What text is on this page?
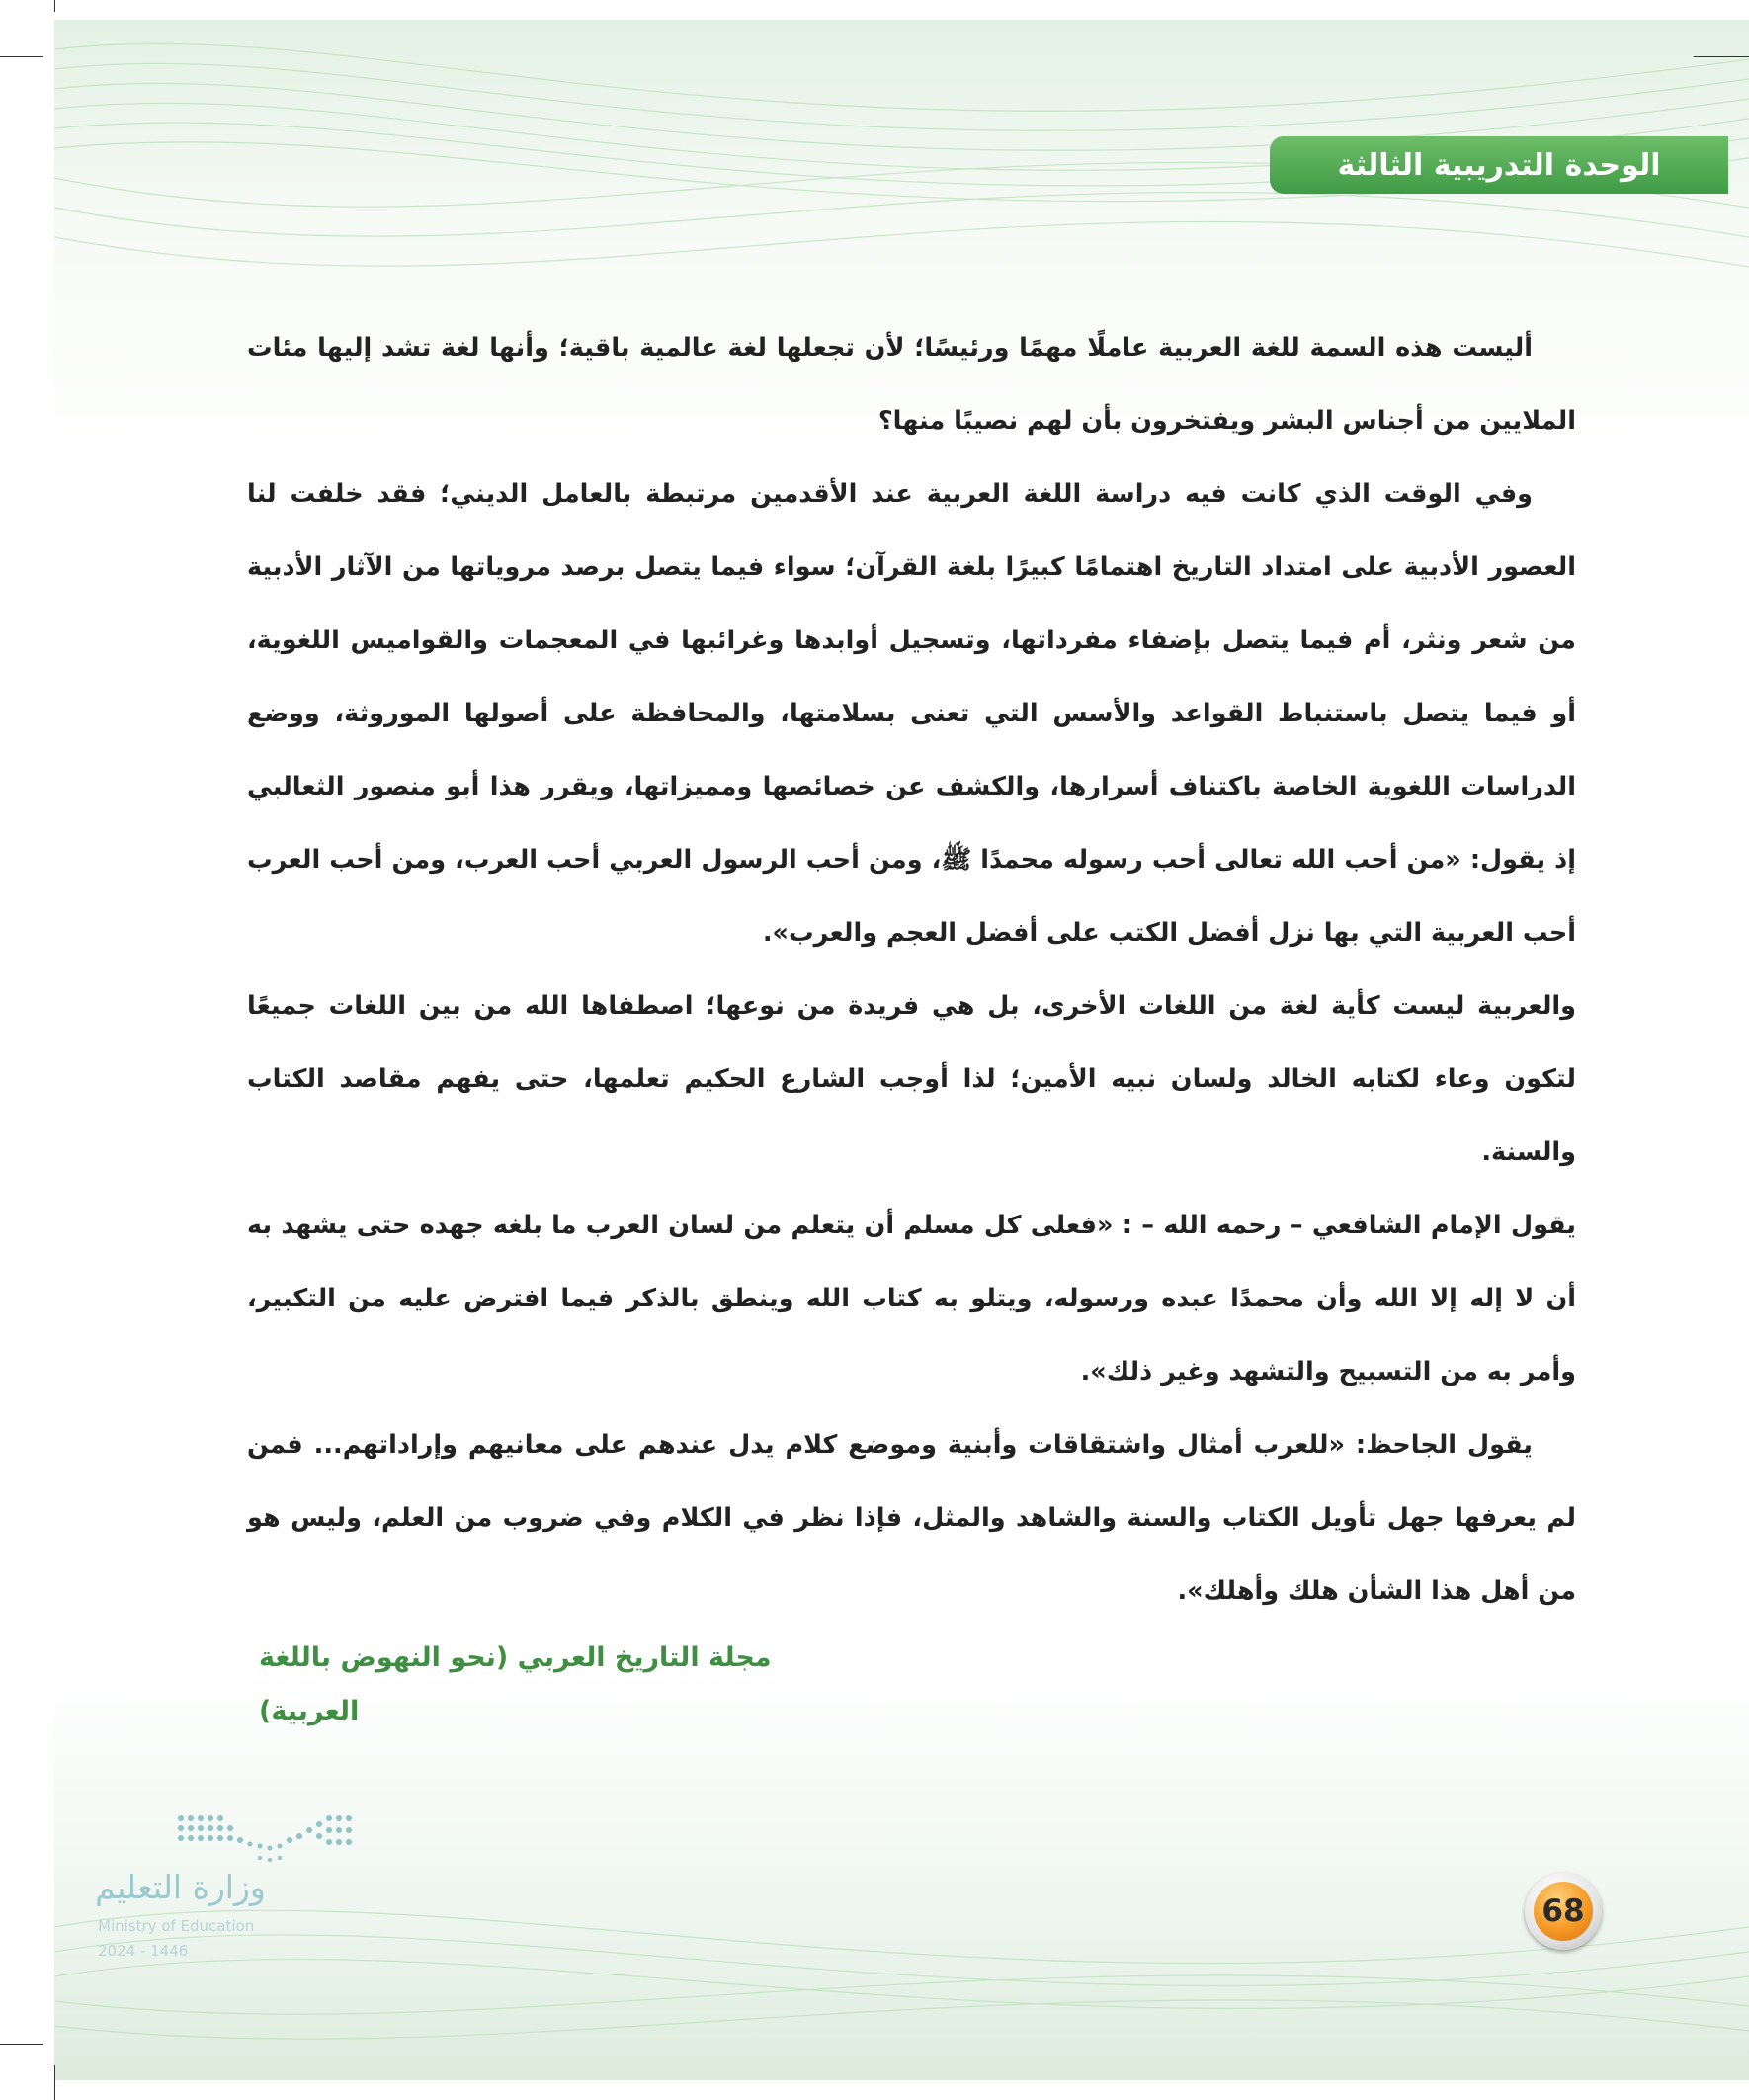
الوحدة التدريبية الثالثة

أليست هذه السمة للغة العربية عاملًا مهمًا ورئيسًا؛ لأن تجعلها لغة عالمية باقية؛ وأنها لغة تشد إليها مئات الملايين من أجناس البشر ويفتخرون بأن لهم نصيبًا منها؟

وفي الوقت الذي كانت فيه دراسة اللغة العربية عند الأقدمين مرتبطة بالعامل الديني؛ فقد خلفت لنا العصور الأدبية على امتداد التاريخ اهتمامًا كبيرًا بلغة القرآن؛ سواء فيما يتصل برصد مروياتها من الآثار الأدبية من شعر ونثر، أم فيما يتصل بإضفاء مفرداتها، وتسجيل أوابدها وغرائبها في المعجمات والقواميس اللغوية، أو فيما يتصل باستنباط القواعد والأسس التي تعنى بسلامتها، والمحافظة على أصولها الموروثة، ووضع الدراسات اللغوية الخاصة باكتناف أسرارها، والكشف عن خصائصها ومميزاتها، ويقرر هذا أبو منصور الثعالبي إذ يقول: «من أحب الله تعالى أحب رسوله محمدًا ﷺ، ومن أحب الرسول العربي أحب العرب، ومن أحب العرب أحب العربية التي بها نزل أفضل الكتب على أفضل العجم والعرب».

والعربية ليست كأية لغة من اللغات الأخرى، بل هي فريدة من نوعها؛ اصطفاها الله من بين اللغات جميعًا لتكون وعاء لكتابه الخالد ولسان نبيه الأمين؛ لذا أوجب الشارع الحكيم تعلمها، حتى يفهم مقاصد الكتاب والسنة.

يقول الإمام الشافعي – رحمه الله – : «فعلى كل مسلم أن يتعلم من لسان العرب ما بلغه جهده حتى يشهد به أن لا إله إلا الله وأن محمدًا عبده ورسوله، ويتلو به كتاب الله وينطق بالذكر فيما افترض عليه من التكبير، وأمر به من التسبيح والتشهد وغير ذلك».

يقول الجاحظ: «للعرب أمثال واشتقاقات وأبنية وموضع كلام يدل عندهم على معانيهم وإراداتهم... فمن لم يعرفها جهل تأويل الكتاب والسنة والشاهد والمثل، فإذا نظر في الكلام وفي ضروب من العلم، وليس هو من أهل هذا الشأن هلك وأهلك».

مجلة التاريخ العربي (نحو النهوض باللغة العربية)
وزارة التعليم
Ministry of Education
2024 - 1446
68
